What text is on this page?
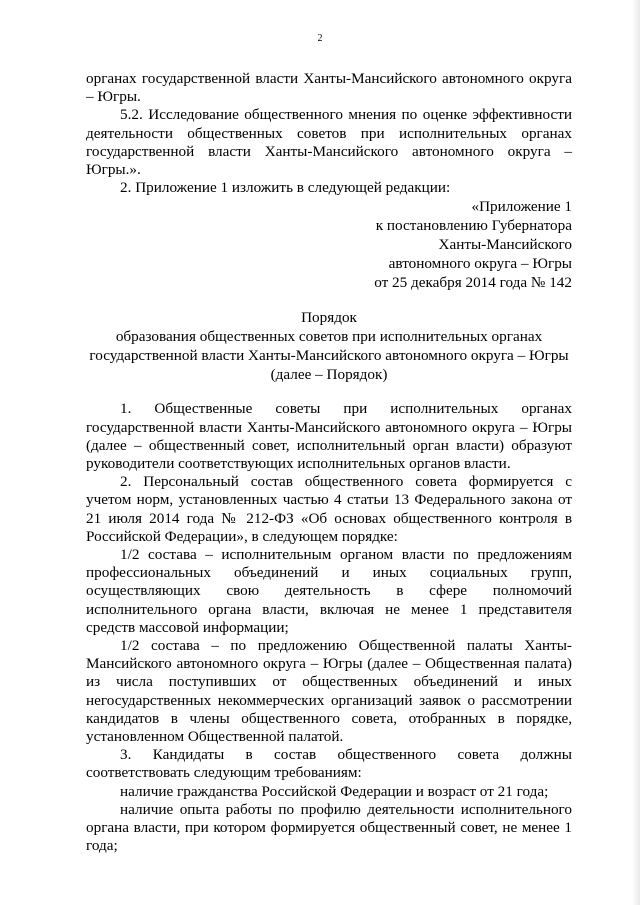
2

органах государственной власти Ханты-Мансийского автономного округа – Югры.

5.2. Исследование общественного мнения по оценке эффективности деятельности общественных советов при исполнительных органах государственной власти Ханты-Мансийского автономного округа – Югры.».

2. Приложение 1 изложить в следующей редакции:

«Приложение 1
к постановлению Губернатора
Ханты-Мансийского
автономного округа – Югры
от 25 декабря 2014 года № 142
Порядок
образования общественных советов при исполнительных органах
государственной власти Ханты-Мансийского автономного округа – Югры
(далее – Порядок)

1. Общественные советы при исполнительных органах государственной власти Ханты-Мансийского автономного округа – Югры (далее – общественный совет, исполнительный орган власти) образуют руководители соответствующих исполнительных органов власти.

2. Персональный состав общественного совета формируется с учетом норм, установленных частью 4 статьи 13 Федерального закона от 21 июля 2014 года № 212-ФЗ «Об основах общественного контроля в Российской Федерации», в следующем порядке:

1/2 состава – исполнительным органом власти по предложениям профессиональных объединений и иных социальных групп, осуществляющих свою деятельность в сфере полномочий исполнительного органа власти, включая не менее 1 представителя средств массовой информации;

1/2 состава – по предложению Общественной палаты Ханты-Мансийского автономного округа – Югры (далее – Общественная палата) из числа поступивших от общественных объединений и иных негосударственных некоммерческих организаций заявок о рассмотрении кандидатов в члены общественного совета, отобранных в порядке, установленном Общественной палатой.

3. Кандидаты в состав общественного совета должны соответствовать следующим требованиям:

наличие гражданства Российской Федерации и возраст от 21 года;

наличие опыта работы по профилю деятельности исполнительного органа власти, при котором формируется общественный совет, не менее 1 года;
